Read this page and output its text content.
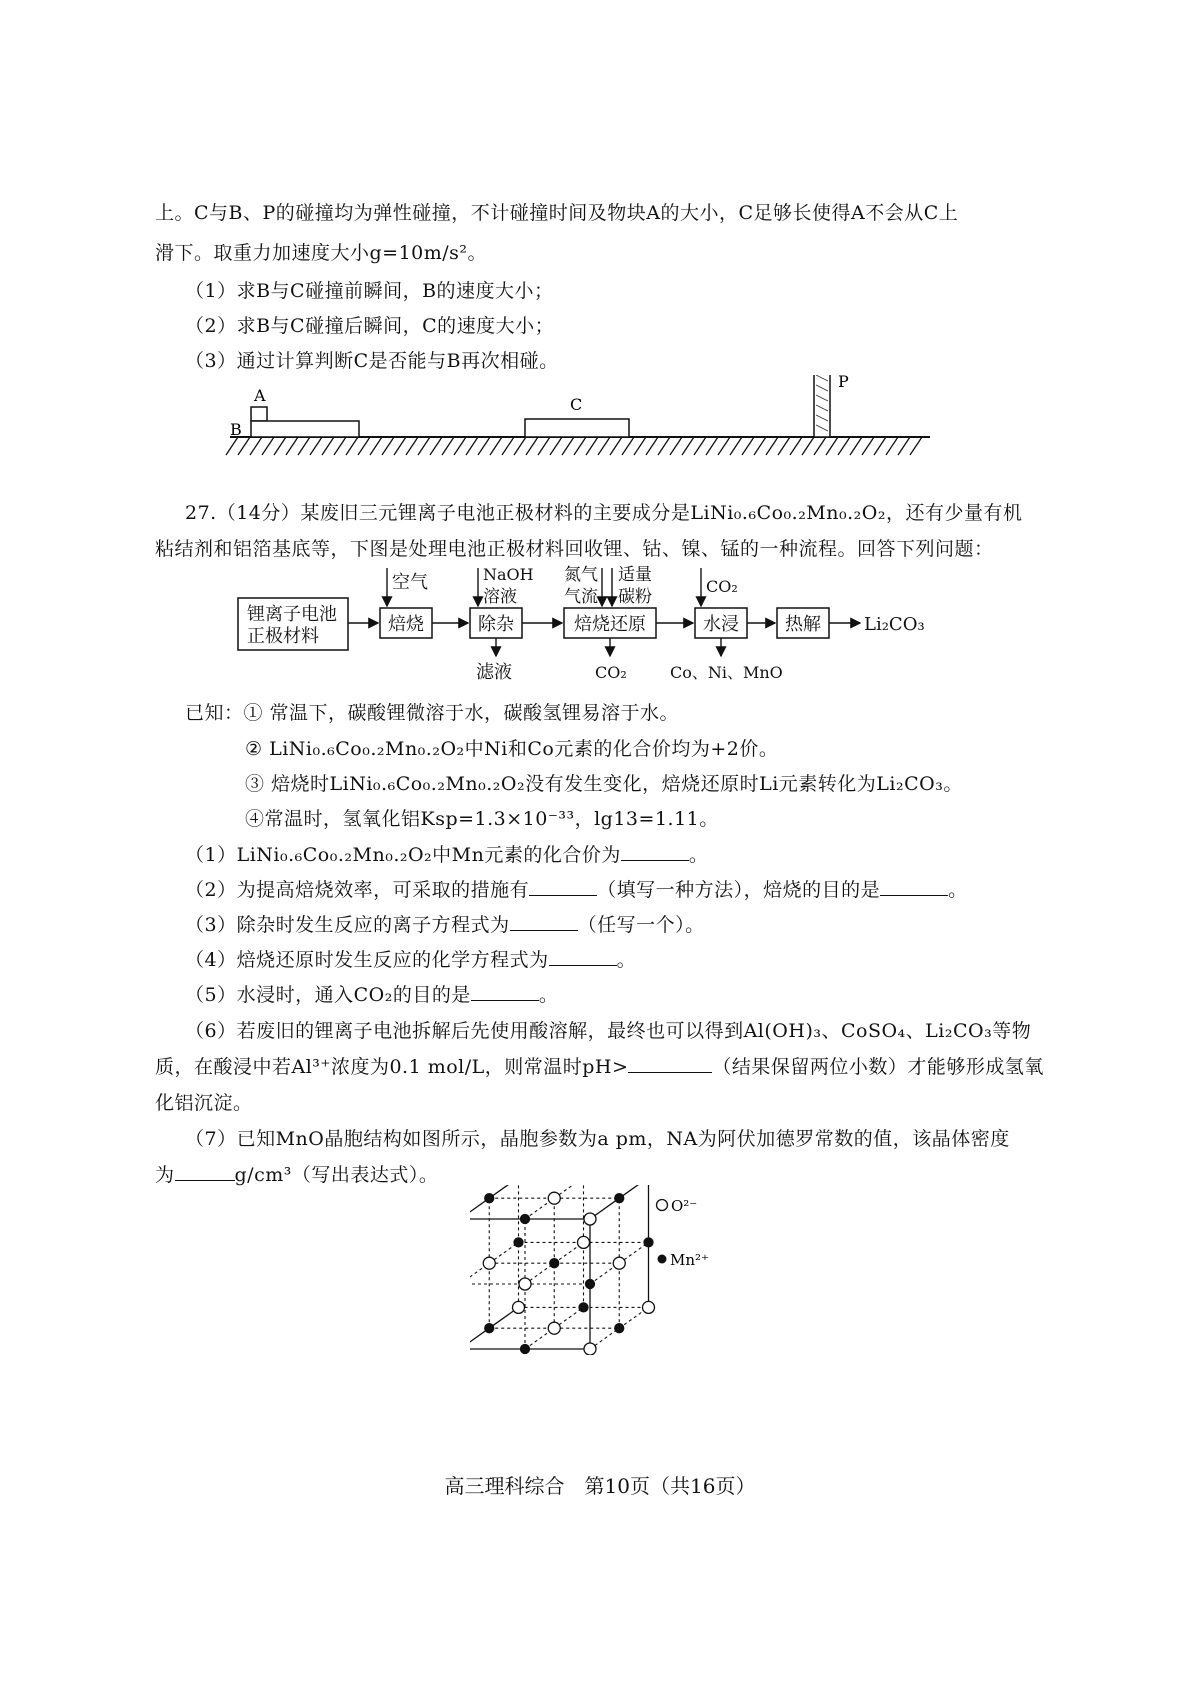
上。C与B、P的碰撞均为弹性碰撞，不计碰撞时间及物块A的大小，C足够长使得A不会从C上
滑下。取重力加速度大小g=10m/s²。
（1）求B与C碰撞前瞬间，B的速度大小；
（2）求B与C碰撞后瞬间，C的速度大小；
（3）通过计算判断C是否能与B再次相碰。
A
B
C
P
27.（14分）某废旧三元锂离子电池正极材料的主要成分是LiNi₀.₆Co₀.₂Mn₀.₂O₂，还有少量有机
粘结剂和铝箔基底等，下图是处理电池正极材料回收锂、钴、镍、锰的一种流程。回答下列问题：
锂离子电池
正极材料
焙烧	除杂	焙烧还原	水浸	热解 Li₂CO₃
空气	NaOH
溶液
氮气
气流
适量
碳粉
CO₂
滤液	CO₂	Co、Ni、MnO
已知：① 常温下，碳酸锂微溶于水，碳酸氢锂易溶于水。
② LiNi₀.₆Co₀.₂Mn₀.₂O₂中Ni和Co元素的化合价均为+2价。
③ 焙烧时LiNi₀.₆Co₀.₂Mn₀.₂O₂没有发生变化，焙烧还原时Li元素转化为Li₂CO₃。
④常温时，氢氧化铝Ksp=1.3×10⁻³³，lg13=1.11。
（1）LiNi₀.₆Co₀.₂Mn₀.₂O₂中Mn元素的化合价为	。
（2）为提高焙烧效率，可采取的措施有	（填写一种方法），焙烧的目的是	。
（3）除杂时发生反应的离子方程式为	（任写一个）。
（4）焙烧还原时发生反应的化学方程式为	。
（5）水浸时，通入CO₂的目的是	。
（6）若废旧的锂离子电池拆解后先使用酸溶解，最终也可以得到Al(OH)₃、CoSO₄、Li₂CO₃等物
质，在酸浸中若Al³⁺浓度为0.1 mol/L，则常温时pH>	（结果保留两位小数）才能够形成氢氧
化铝沉淀。
（7）已知MnO晶胞结构如图所示，晶胞参数为a pm，NA为阿伏加德罗常数的值，该晶体密度
为	g/cm³（写出表达式）。
O²⁻
Mn²⁺
高三理科综合　第10页（共16页）
